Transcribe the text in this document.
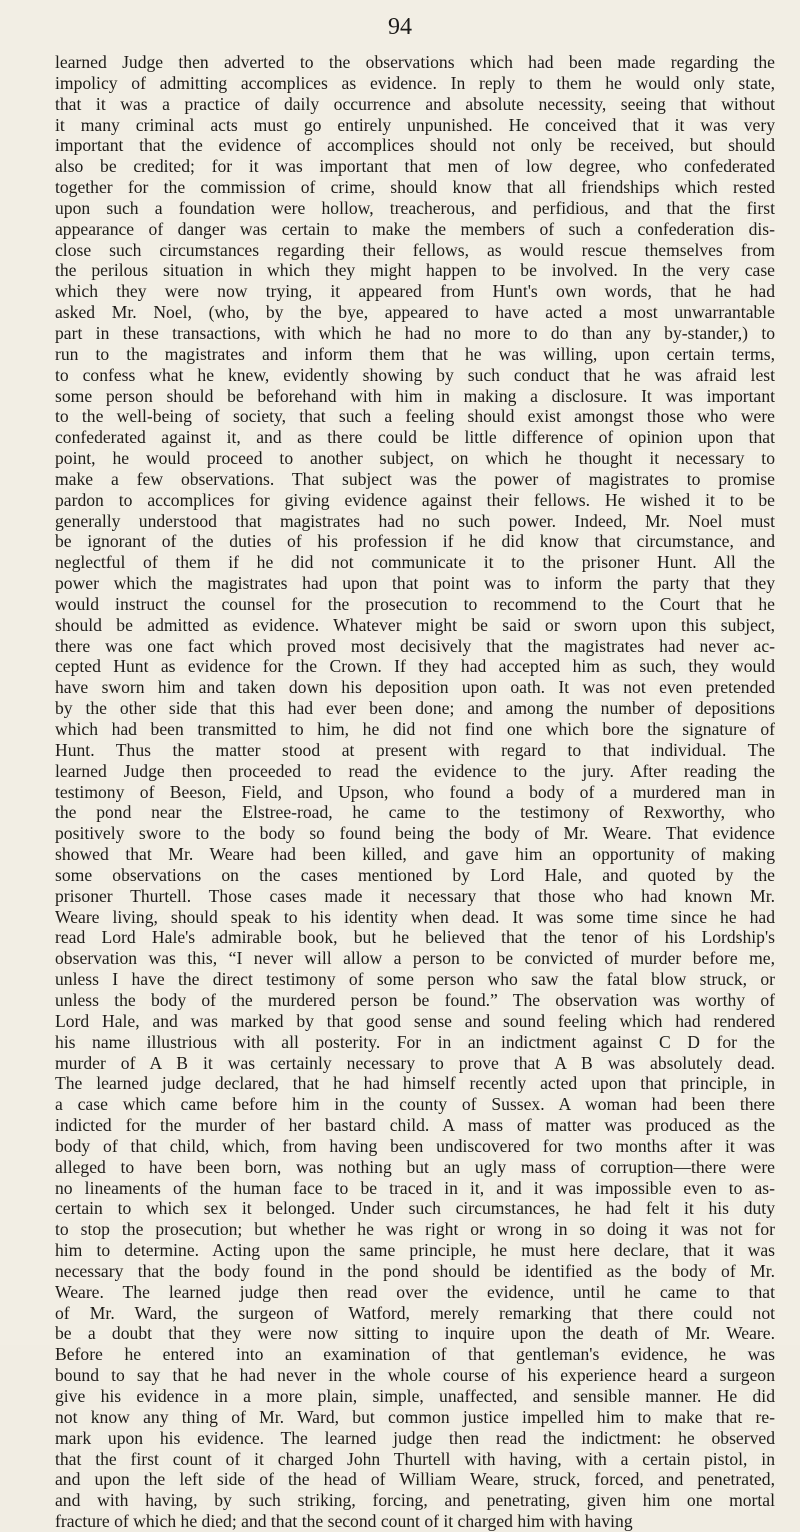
94
learned Judge then adverted to the observations which had been made regarding the
impolicy of admitting accomplices as evidence. In reply to them he would only state,
that it was a practice of daily occurrence and absolute necessity, seeing that without
it many criminal acts must go entirely unpunished. He conceived that it was very
important that the evidence of accomplices should not only be received, but should
also be credited; for it was important that men of low degree, who confederated
together for the commission of crime, should know that all friendships which rested
upon such a foundation were hollow, treacherous, and perfidious, and that the first
appearance of danger was certain to make the members of such a confederation dis-
close such circumstances regarding their fellows, as would rescue themselves from
the perilous situation in which they might happen to be involved. In the very case
which they were now trying, it appeared from Hunt's own words, that he had
asked Mr. Noel, (who, by the bye, appeared to have acted a most unwarrantable
part in these transactions, with which he had no more to do than any by-stander,) to
run to the magistrates and inform them that he was willing, upon certain terms,
to confess what he knew, evidently showing by such conduct that he was afraid lest
some person should be beforehand with him in making a disclosure. It was important
to the well-being of society, that such a feeling should exist amongst those who were
confederated against it, and as there could be little difference of opinion upon that
point, he would proceed to another subject, on which he thought it necessary to
make a few observations. That subject was the power of magistrates to promise
pardon to accomplices for giving evidence against their fellows. He wished it to be
generally understood that magistrates had no such power. Indeed, Mr. Noel must
be ignorant of the duties of his profession if he did know that circumstance, and
neglectful of them if he did not communicate it to the prisoner Hunt. All the
power which the magistrates had upon that point was to inform the party that they
would instruct the counsel for the prosecution to recommend to the Court that he
should be admitted as evidence. Whatever might be said or sworn upon this subject,
there was one fact which proved most decisively that the magistrates had never ac-
cepted Hunt as evidence for the Crown. If they had accepted him as such, they would
have sworn him and taken down his deposition upon oath. It was not even pretended
by the other side that this had ever been done; and among the number of depositions
which had been transmitted to him, he did not find one which bore the signature of
Hunt. Thus the matter stood at present with regard to that individual. The
learned Judge then proceeded to read the evidence to the jury. After reading the
testimony of Beeson, Field, and Upson, who found a body of a murdered man in
the pond near the Elstree-road, he came to the testimony of Rexworthy, who
positively swore to the body so found being the body of Mr. Weare. That evidence
showed that Mr. Weare had been killed, and gave him an opportunity of making
some observations on the cases mentioned by Lord Hale, and quoted by the
prisoner Thurtell. Those cases made it necessary that those who had known Mr.
Weare living, should speak to his identity when dead. It was some time since he had
read Lord Hale's admirable book, but he believed that the tenor of his Lordship's
observation was this, “I never will allow a person to be convicted of murder before me,
unless I have the direct testimony of some person who saw the fatal blow struck, or
unless the body of the murdered person be found.” The observation was worthy of
Lord Hale, and was marked by that good sense and sound feeling which had rendered
his name illustrious with all posterity. For in an indictment against C D for the
murder of A B it was certainly necessary to prove that A B was absolutely dead.
The learned judge declared, that he had himself recently acted upon that principle, in
a case which came before him in the county of Sussex. A woman had been there
indicted for the murder of her bastard child. A mass of matter was produced as the
body of that child, which, from having been undiscovered for two months after it was
alleged to have been born, was nothing but an ugly mass of corruption—there were
no lineaments of the human face to be traced in it, and it was impossible even to as-
certain to which sex it belonged. Under such circumstances, he had felt it his duty
to stop the prosecution; but whether he was right or wrong in so doing it was not for
him to determine. Acting upon the same principle, he must here declare, that it was
necessary that the body found in the pond should be identified as the body of Mr.
Weare. The learned judge then read over the evidence, until he came to that
of Mr. Ward, the surgeon of Watford, merely remarking that there could not
be a doubt that they were now sitting to inquire upon the death of Mr. Weare.
Before he entered into an examination of that gentleman's evidence, he was
bound to say that he had never in the whole course of his experience heard a surgeon
give his evidence in a more plain, simple, unaffected, and sensible manner. He did
not know any thing of Mr. Ward, but common justice impelled him to make that re-
mark upon his evidence. The learned judge then read the indictment: he observed
that the first count of it charged John Thurtell with having, with a certain pistol, in
and upon the left side of the head of William Weare, struck, forced, and penetrated,
and with having, by such striking, forcing, and penetrating, given him one mortal
fracture of which he died; and that the second count of it charged him with having
